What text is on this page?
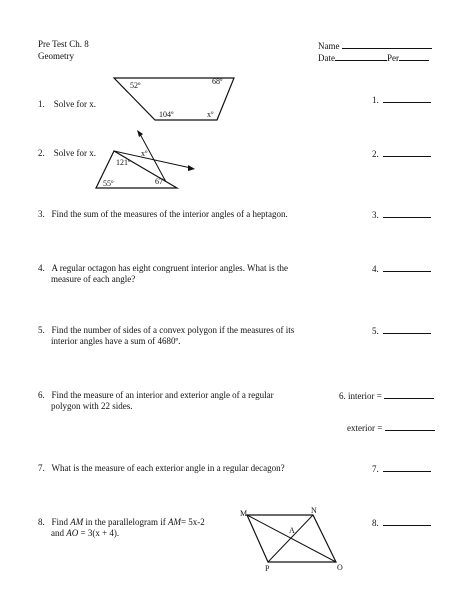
Pre Test Ch. 8
Geometry
Name
Date	Per
1. Solve for x.	1.
2. Solve for x.	2.
3. Find the sum of the measures of the interior angles of a heptagon.	3.
4. A regular octagon has eight congruent interior angles. What is the
measure of each angle?
4.
5. Find the number of sides of a convex polygon if the measures of its
interior angles have a sum of 4680º.
5.
6. Find the measure of an interior and exterior angle of a regular
polygon with 22 sides.
6. interior =
exterior =
7. What is the measure of each exterior angle in a regular decagon?	7.
8. Find AM in the parallelogram if AM= 5x-2
and AO = 3(x + 4).
8.
52º	68º
104º	xº
xº
121º
55º	67º
M	N
A
P	O
